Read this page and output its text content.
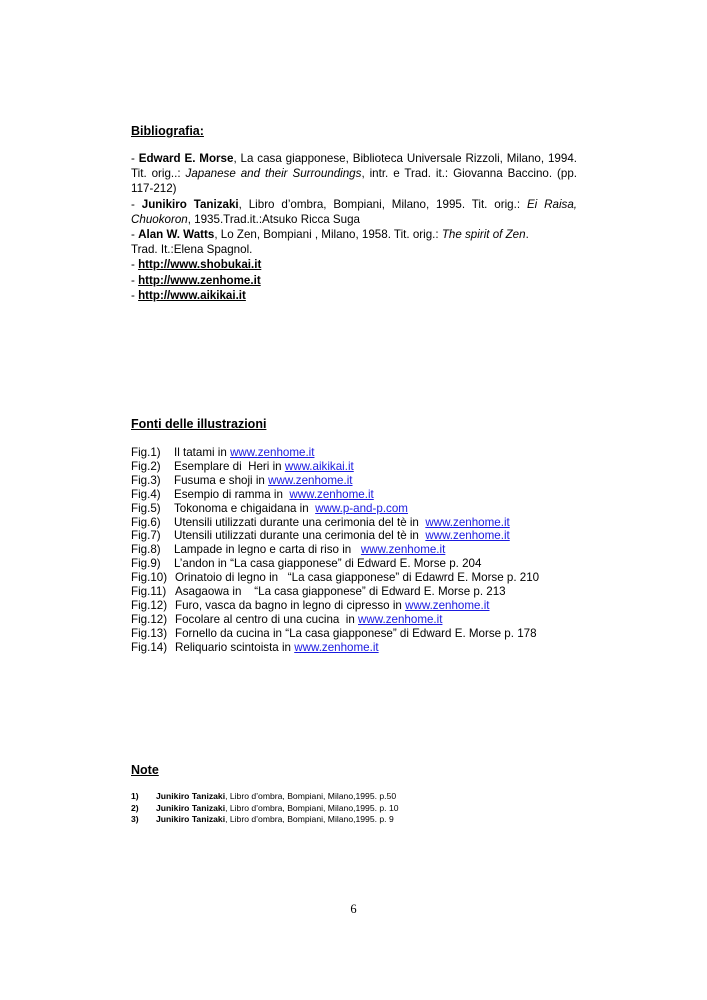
Bibliografia:

- Edward E. Morse, La casa giapponese, Biblioteca Universale Rizzoli, Milano, 1994. Tit. orig..: Japanese and their Surroundings, intr. e Trad. it.: Giovanna Baccino. (pp. 117-212)

- Junikiro Tanizaki, Libro d’ombra, Bompiani, Milano, 1995. Tit. orig.: Ei Raisa, Chuokoron, 1935.Trad.it.:Atsuko Ricca Suga

- Alan W. Watts, Lo Zen, Bompiani , Milano, 1958. Tit. orig.: The spirit of Zen.

Trad. It.:Elena Spagnol.

- http://www.shobukai.it

- http://www.zenhome.it

- http://www.aikikai.it

Fonti delle illustrazioni
Fig.1)	Il tatami in www.zenhome.it
Fig.2)	Esemplare di  Heri in www.aikikai.it
Fig.3)	Fusuma e shoji in www.zenhome.it
Fig.4)	Esempio di ramma in www.zenhome.it
Fig.5)	Tokonoma e chigaidana in www.p-and-p.com
Fig.6)	Utensili utilizzati durante una cerimonia del tè in www.zenhome.it
Fig.7)	Utensili utilizzati durante una cerimonia del tè in www.zenhome.it
Fig.8)	Lampade in legno e carta di riso in www.zenhome.it
Fig.9)	L’andon in “La casa giapponese” di Edward E. Morse p. 204
Fig.10) Orinatoio di legno in   “La casa giapponese” di Edawrd E. Morse p. 210
Fig.11) Asagaowa in    “La casa giapponese” di Edward E. Morse p. 213
Fig.12) Furo, vasca da bagno in legno di cipresso in www.zenhome.it
Fig.12) Focolare al centro di una cucina  in www.zenhome.it
Fig.13) Fornello da cucina in “La casa giapponese” di Edward E. Morse p. 178
Fig.14) Reliquario scintoista in www.zenhome.it
Note
1)	Junikiro Tanizaki, Libro d’ombra, Bompiani, Milano,1995. p.50
2)	Junikiro Tanizaki, Libro d’ombra, Bompiani, Milano,1995. p. 10
3)	Junikiro Tanizaki, Libro d’ombra, Bompiani, Milano,1995. p. 9
6
